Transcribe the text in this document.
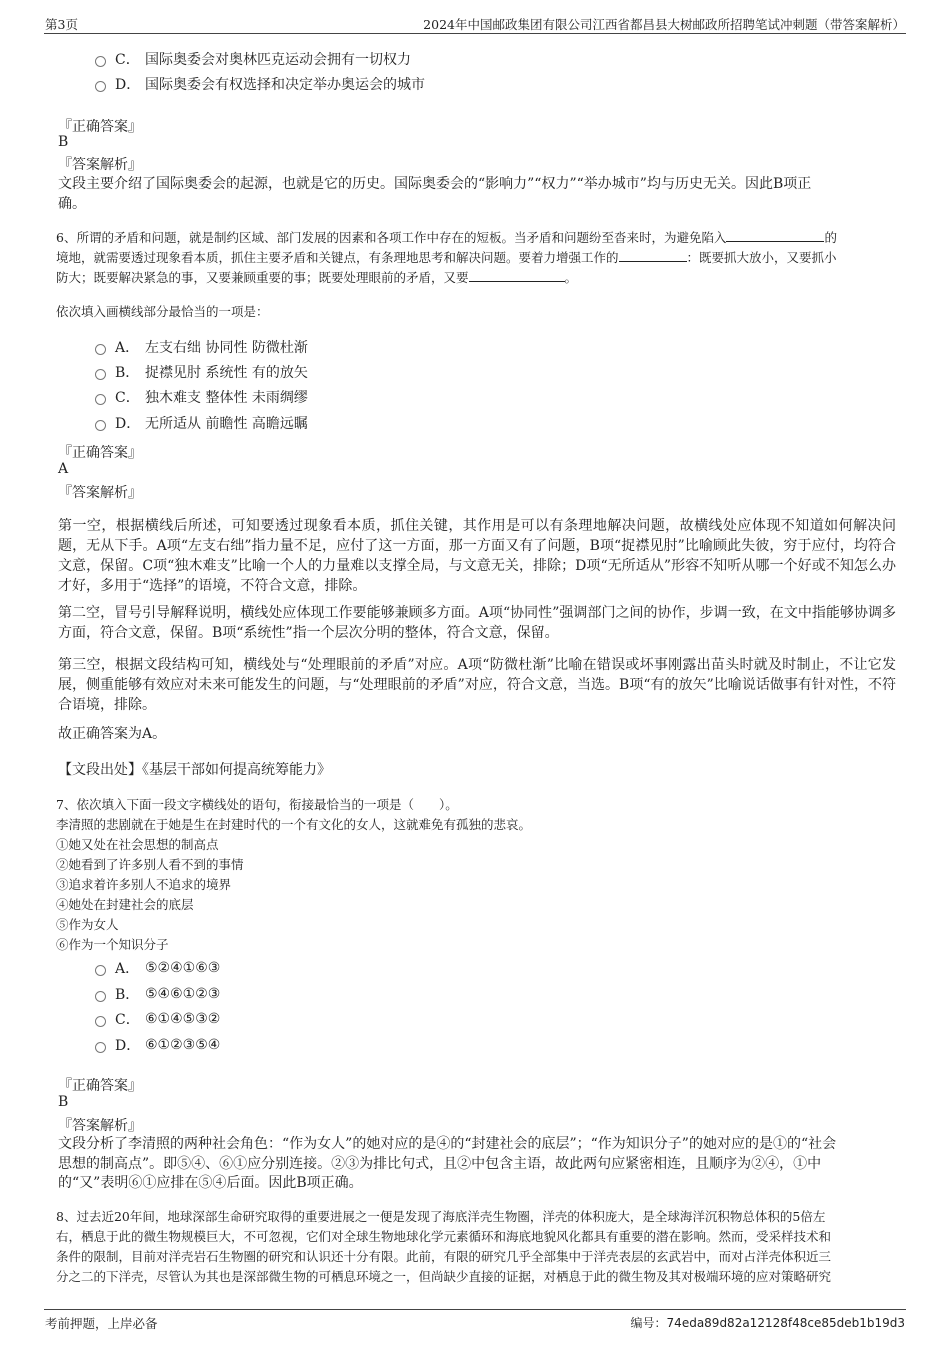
第3页	2024年中国邮政集团有限公司江西省都昌县大树邮政所招聘笔试冲刺题（带答案解析）
C． 国际奥委会对奥林匹克运动会拥有一切权力
D． 国际奥委会有权选择和决定举办奥运会的城市
『正确答案』
B
『答案解析』
文段主要介绍了国际奥委会的起源，也就是它的历史。国际奥委会的“影响力”“权力”“举办城市”均与历史无关。因此B项正
确。
6、所谓的矛盾和问题，就是制约区域、部门发展的因素和各项工作中存在的短板。当矛盾和问题纷至沓来时，为避免陷入	的
境地，就需要透过现象看本质，抓住主要矛盾和关键点，有条理地思考和解决问题。要着力增强工作的	：既要抓大放小，又要抓小
防大；既要解决紧急的事，又要兼顾重要的事；既要处理眼前的矛盾，又要	。
依次填入画横线部分最恰当的一项是：
A． 左支右绌 协同性 防微杜渐
B． 捉襟见肘 系统性 有的放矢
C． 独木难支 整体性 未雨绸缪
D． 无所适从 前瞻性 高瞻远瞩
『正确答案』
A
『答案解析』
第一空，根据横线后所述，可知要透过现象看本质，抓住关键，其作用是可以有条理地解决问题，故横线处应体现不知道如何解决问题，无从下手。A项“左支右绌”指力量不足，应付了这一方面，那一方面又有了问题，B项“捉襟见肘”比喻顾此失彼，穷于应付，均符合文意，保留。C项“独木难支”比喻一个人的力量难以支撑全局，与文意无关，排除；D项“无所适从”形容不知听从哪一个好或不知怎么办才好，多用于“选择”的语境，不符合文意，排除。
第二空，冒号引导解释说明，横线处应体现工作要能够兼顾多方面。A项“协同性”强调部门之间的协作，步调一致，在文中指能够协调多方面，符合文意，保留。B项“系统性”指一个层次分明的整体，符合文意，保留。
第三空，根据文段结构可知，横线处与“处理眼前的矛盾”对应。A项“防微杜渐”比喻在错误或坏事刚露出苗头时就及时制止，不让它发展，侧重能够有效应对未来可能发生的问题，与“处理眼前的矛盾”对应，符合文意，当选。B项“有的放矢”比喻说话做事有针对性，不符合语境，排除。
故正确答案为A。
【文段出处】《基层干部如何提高统筹能力》
7、依次填入下面一段文字横线处的语句，衔接最恰当的一项是（　　）。
李清照的悲剧就在于她是生在封建时代的一个有文化的女人，这就难免有孤独的悲哀。
①她又处在社会思想的制高点
②她看到了许多别人看不到的事情
③追求着许多别人不追求的境界
④她处在封建社会的底层
⑤作为女人
⑥作为一个知识分子
A． ⑤②④①⑥③
B． ⑤④⑥①②③
C． ⑥①④⑤③②
D． ⑥①②③⑤④
『正确答案』
B
『答案解析』
文段分析了李清照的两种社会角色：“作为女人”的她对应的是④的“封建社会的底层”；“作为知识分子”的她对应的是①的“社会
思想的制高点”。即⑤④、⑥①应分别连接。②③为排比句式，且②中包含主语，故此两句应紧密相连，且顺序为②④，①中
的“又”表明⑥①应排在⑤④后面。因此B项正确。
8、过去近20年间，地球深部生命研究取得的重要进展之一便是发现了海底洋壳生物圈，洋壳的体积庞大，是全球海洋沉积物总体积的5倍左
右，栖息于此的微生物规模巨大，不可忽视，它们对全球生物地球化学元素循环和海底地貌风化都具有重要的潜在影响。然而，受采样技术和
条件的限制，目前对洋壳岩石生物圈的研究和认识还十分有限。此前，有限的研究几乎全部集中于洋壳表层的玄武岩中，而对占洋壳体积近三
分之二的下洋壳，尽管认为其也是深部微生物的可栖息环境之一，但尚缺少直接的证据，对栖息于此的微生物及其对极端环境的应对策略研究
考前押题，上岸必备	编号：74eda89d82a12128f48ce85deb1b19d3
